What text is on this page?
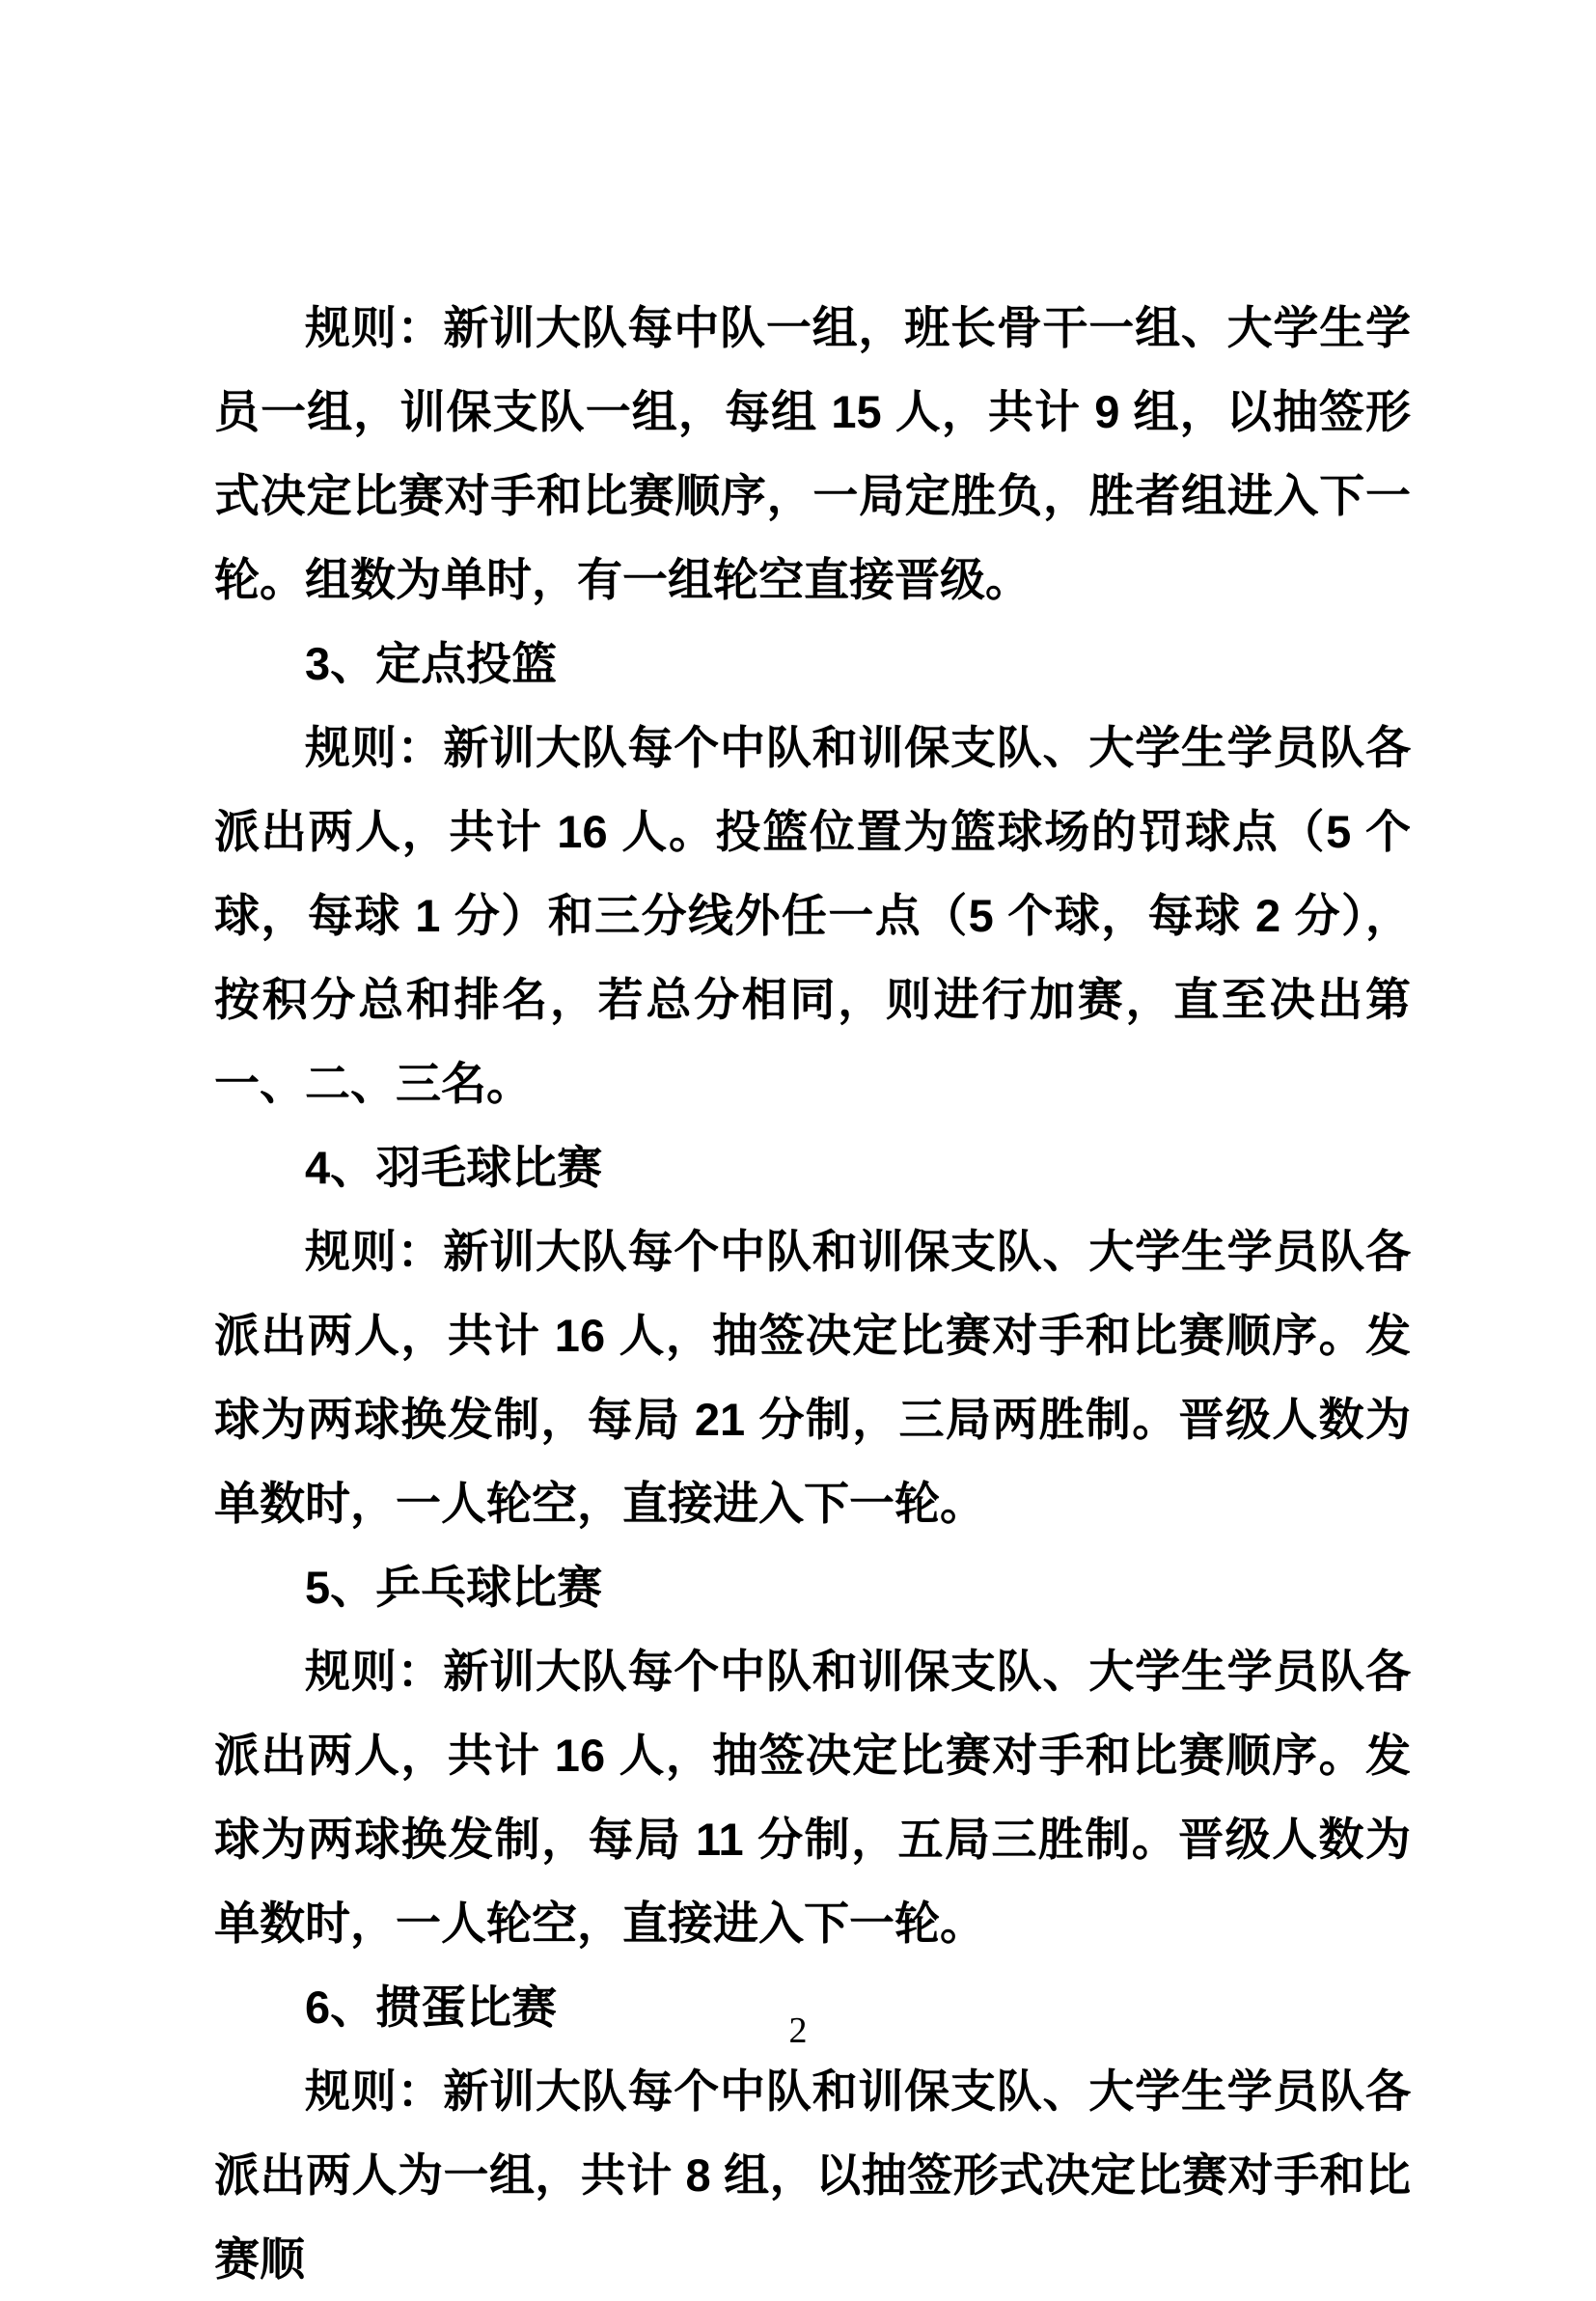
规则：新训大队每中队一组，班长骨干一组、大学生学员一组，训保支队一组，每组 15 人，共计 9 组，以抽签形式决定比赛对手和比赛顺序，一局定胜负，胜者组进入下一轮。组数为单时，有一组轮空直接晋级。

3、定点投篮

规则：新训大队每个中队和训保支队、大学生学员队各派出两人，共计 16 人。投篮位置为篮球场的罚球点（5 个球，每球 1 分）和三分线外任一点（5 个球，每球 2 分），按积分总和排名，若总分相同，则进行加赛，直至决出第一、二、三名。

4、羽毛球比赛

规则：新训大队每个中队和训保支队、大学生学员队各派出两人，共计 16 人，抽签决定比赛对手和比赛顺序。发球为两球换发制，每局 21 分制，三局两胜制。晋级人数为单数时，一人轮空，直接进入下一轮。

5、乒乓球比赛

规则：新训大队每个中队和训保支队、大学生学员队各派出两人，共计 16 人，抽签决定比赛对手和比赛顺序。发球为两球换发制，每局 11 分制，五局三胜制。晋级人数为单数时，一人轮空，直接进入下一轮。

6、掼蛋比赛

规则：新训大队每个中队和训保支队、大学生学员队各派出两人为一组，共计 8 组，以抽签形式决定比赛对手和比赛顺

2
